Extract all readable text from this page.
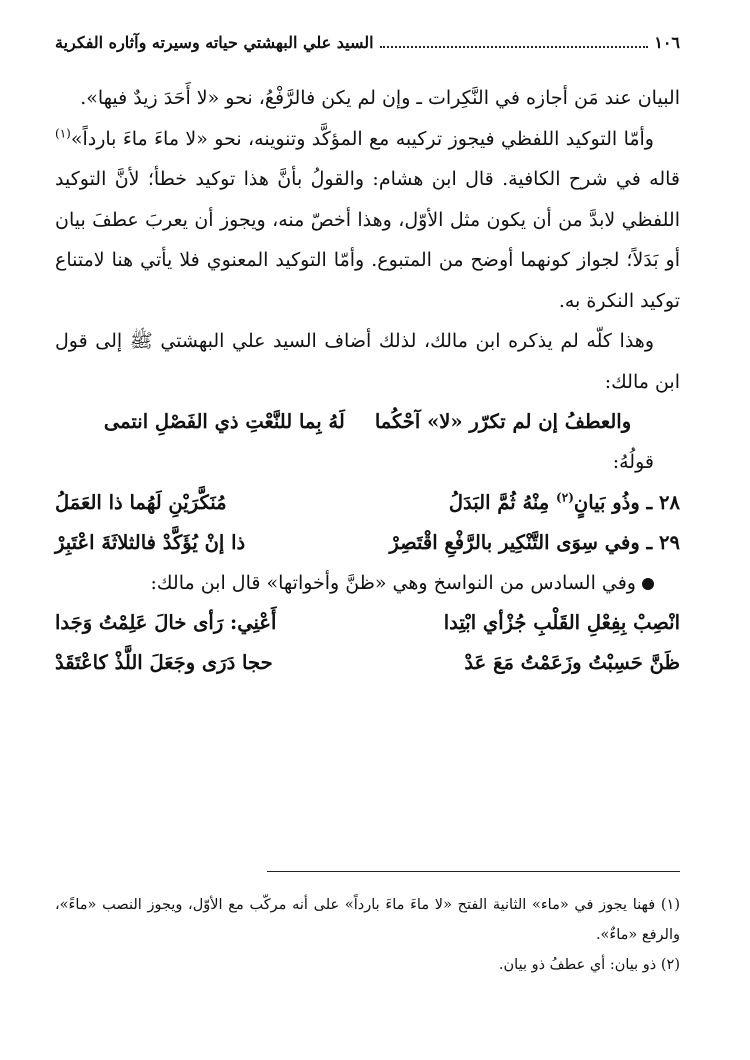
١٠٦
السيد علي البهشتي حياته وسيرته وآثاره الفكرية

البيان عند مَن أجازه في النَّكِرات ـ وإن لم يكن فالرَّفْعُ، نحو «لا أَحَدَ زيدٌ فيها».

وأمّا التوكيد اللفظي فيجوز تركيبه مع المؤكَّد وتنوينه، نحو «لا ماءَ ماءَ بارداً»$^{(١)}$ قاله في شرح الكافية. قال ابن هشام: والقولُ بأنَّ هذا توكيد خطأ؛ لأنَّ التوكيد اللفظي لابدَّ من أن يكون مثل الأوّل، وهذا أخصّ منه، ويجوز أن يعربَ عطفَ بيان أو بَدَلاً؛ لجواز كونهما أوضح من المتبوع. وأمّا التوكيد المعنوي فلا يأتي هنا لامتناع توكيد النكرة به.

وهذا كلّه لم يذكره ابن مالك، لذلك أضاف السيد علي البهشتي ﷺ إلى قول ابن مالك:

والعطفُ إن لم تكرّر «لا» آحْكُما
لَهُ بِما للنَّعْتِ ذي الفَصْلِ انتمى

قولُهُ:

٢٨ ـ وذُو بَيانٍ$^{(٢)}$ مِنْهُ ثُمَّ البَدَلُ
مُنَكَّرَيْنِ لَهُما ذا العَمَلُ
٢٩ ـ وفي سِوَى التَّنْكِير بالرَّفْعِ اقْتَصِرْ
ذا إنْ يُؤَكَّدْ فالثلاثَةَ اعْتَبِرْ

وفي السادس من النواسخ وهي «ظنَّ وأخواتها» قال ابن مالك:

انْصِبْ بِفِعْلِ القَلْبِ جُزْأي ابْتِدا
أَعْنِي: رَأى خالَ عَلِمْتُ وَجَدا
ظَنَّ حَسِبْتُ وزَعَمْتُ مَعَ عَدْ
حجا دَرَى وجَعَلَ اللَّذْ كاعْتَقَدْ

(١) فهنا يجوز في «ماء» الثانية الفتح «لا ماءَ ماءَ بارداً» على أنه مركّب مع الأوّل، ويجوز النصب «ماءً»، والرفع «ماءٌ».

(٢) ذو بيان: أي عطفُ ذو بيان.
